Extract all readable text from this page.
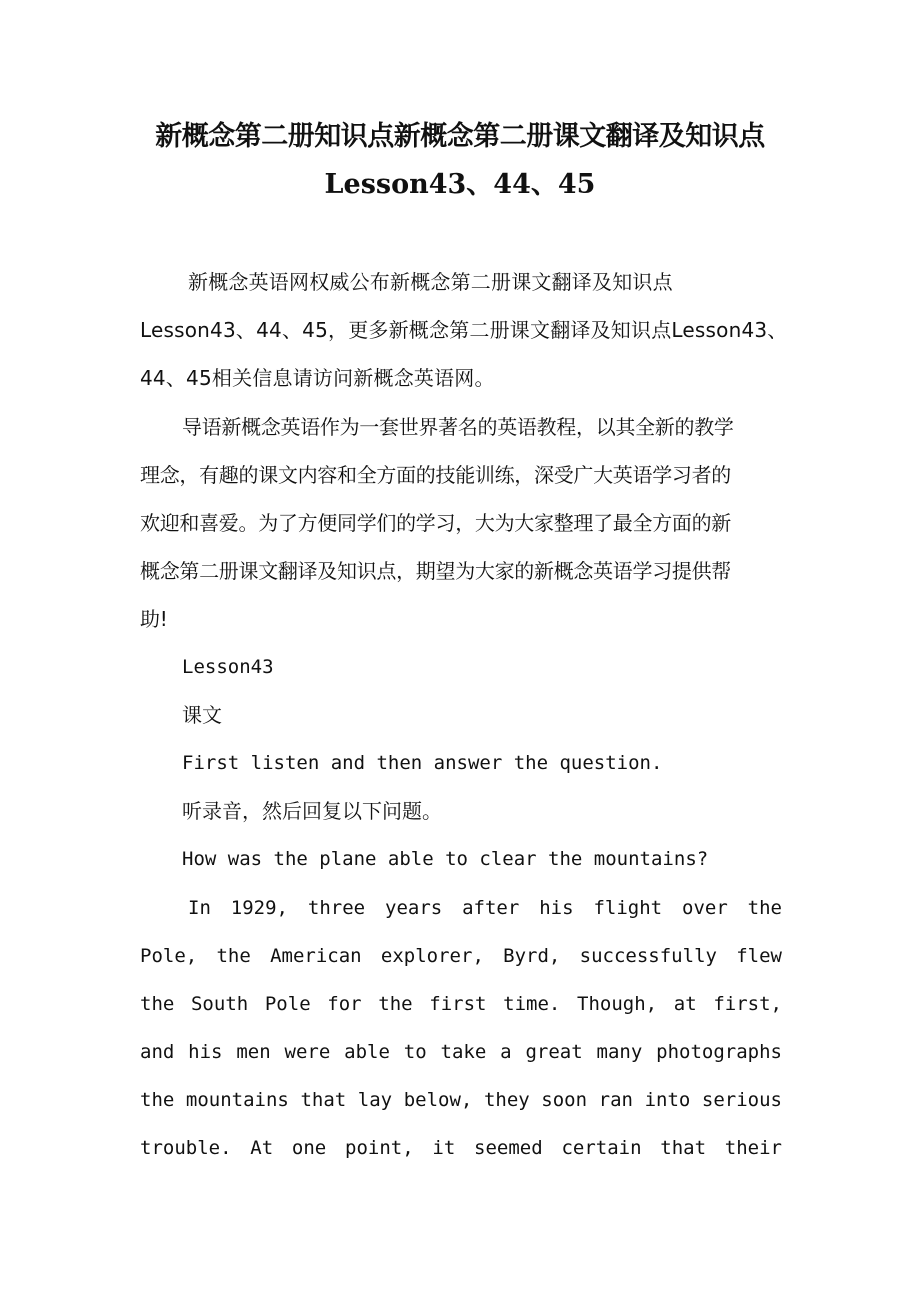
新概念第二册知识点新概念第二册课文翻译及知识点
Lesson43、44、45
新概念英语网权威公布新概念第二册课文翻译及知识点
Lesson43、44、45，更多新概念第二册课文翻译及知识点Lesson43、
44、45相关信息请访问新概念英语网。
导语新概念英语作为一套世界著名的英语教程，以其全新的教学
理念，有趣的课文内容和全方面的技能训练，深受广大英语学习者的
欢迎和喜爱。为了方便同学们的学习，大为大家整理了最全方面的新
概念第二册课文翻译及知识点，期望为大家的新概念英语学习提供帮
助!

Lesson43

课文

First listen and then answer the question.

听录音，然后回复以下问题。

How was the plane able to clear the mountains?

In 1929, three years after his flight over the
Pole, the American explorer, Byrd, successfully flew
the South Pole for the first time. Though, at first,
and his men were able to take a great many photographs
the mountains that lay below, they soon ran into serious
trouble. At one point, it seemed certain that their
